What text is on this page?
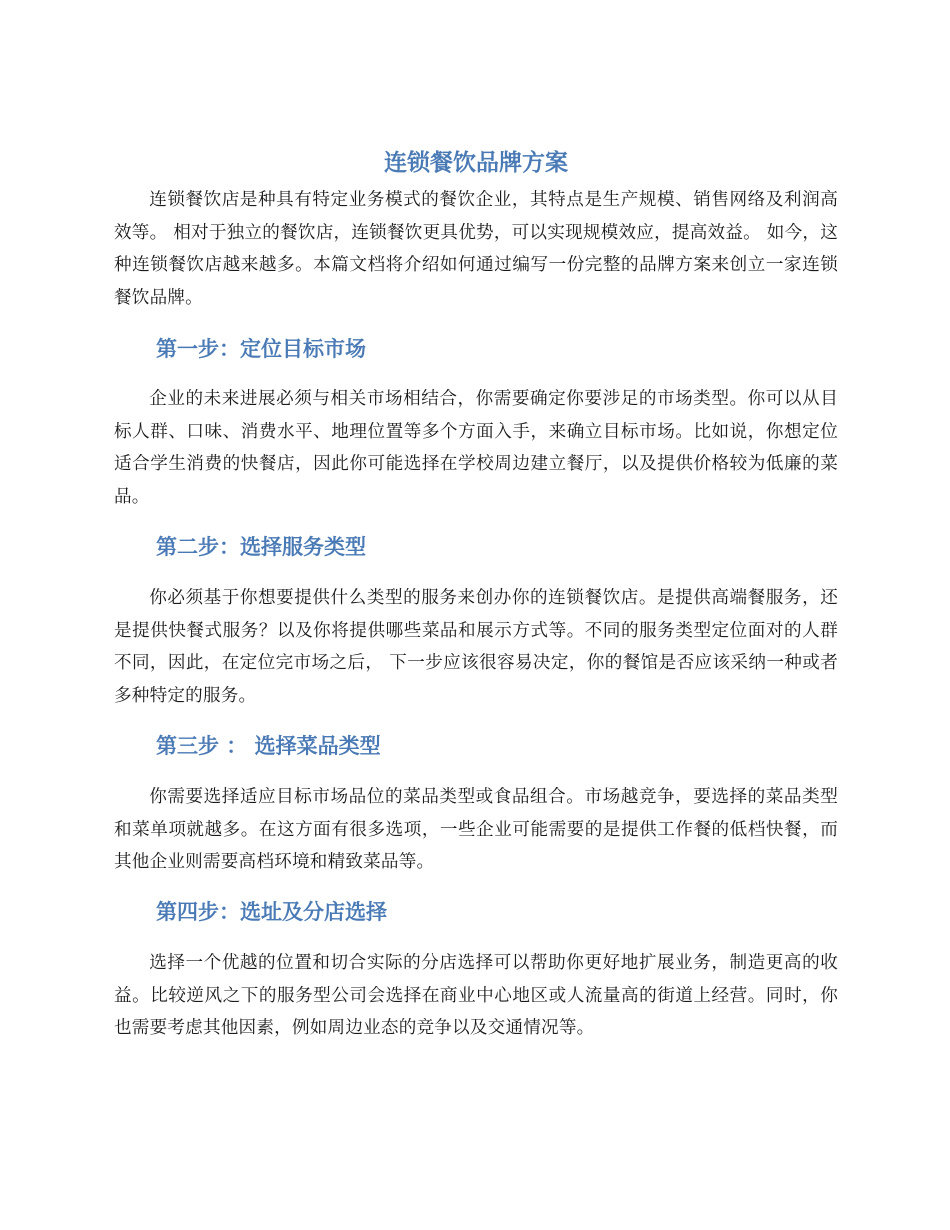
连锁餐饮品牌方案

连锁餐饮店是种具有特定业务模式的餐饮企业，其特点是生产规模、销售网络及利润高效等。 相对于独立的餐饮店，连锁餐饮更具优势，可以实现规模效应，提高效益。 如今，这种连锁餐饮店越来越多。本篇文档将介绍如何通过编写一份完整的品牌方案来创立一家连锁餐饮品牌。

第一步：定位目标市场

企业的未来进展必须与相关市场相结合，你需要确定你要涉足的市场类型。你可以从目标人群、口味、消费水平、地理位置等多个方面入手，来确立目标市场。比如说，你想定位适合学生消费的快餐店，因此你可能选择在学校周边建立餐厅，以及提供价格较为低廉的菜品。

第二步：选择服务类型

你必须基于你想要提供什么类型的服务来创办你的连锁餐饮店。是提供高端餐服务，还是提供快餐式服务？以及你将提供哪些菜品和展示方式等。不同的服务类型定位面对的人群不同，因此，在定位完市场之后， 下一步应该很容易决定，你的餐馆是否应该采纳一种或者多种特定的服务。

第三步 ： 选择菜品类型

你需要选择适应目标市场品位的菜品类型或食品组合。市场越竞争，要选择的菜品类型和菜单项就越多。在这方面有很多选项，一些企业可能需要的是提供工作餐的低档快餐，而其他企业则需要高档环境和精致菜品等。

第四步：选址及分店选择

选择一个优越的位置和切合实际的分店选择可以帮助你更好地扩展业务，制造更高的收益。比较逆风之下的服务型公司会选择在商业中心地区或人流量高的街道上经营。同时，你也需要考虑其他因素，例如周边业态的竞争以及交通情况等。
